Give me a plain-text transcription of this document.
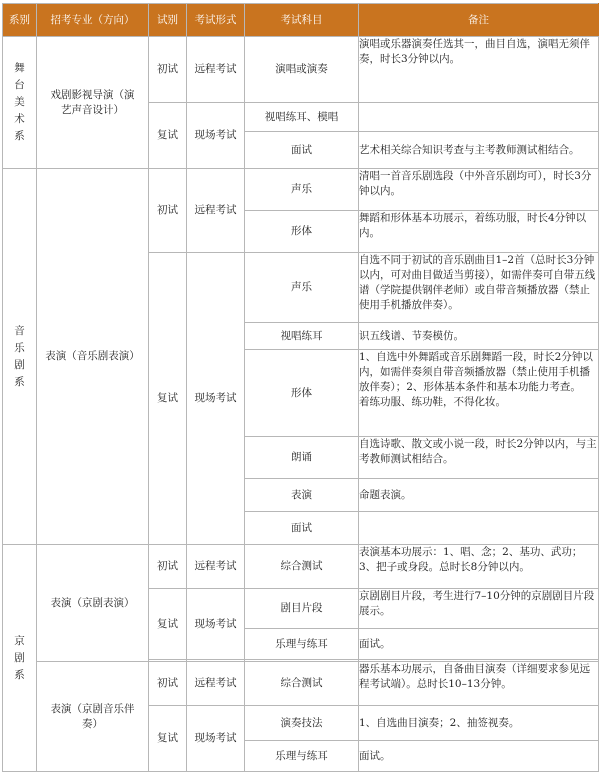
系别	招考专业（方向）	试别	考试形式	考试科目	备注

舞台美术系	戏剧影视导演（演艺声音设计）	初试	远程考试	演唱或演奏	演唱或乐器演奏任选其一，曲目自选，演唱无须伴奏，时长3分钟以内。
		复试	现场考试	视唱练耳、模唱	
				面试	艺术相关综合知识考查与主考教师测试相结合。

音乐剧系	表演（音乐剧表演）	初试	远程考试	声乐	清唱一首音乐剧选段（中外音乐剧均可），时长3分钟以内。
				形体	舞蹈和形体基本功展示，着练功服，时长4分钟以内。
		复试	现场考试	声乐	自选不同于初试的音乐剧曲目1–2首（总时长3分钟以内，可对曲目做适当剪接），如需伴奏可自带五线谱（学院提供钢伴老师）或自带音频播放器（禁止使用手机播放伴奏）。
				视唱练耳	识五线谱、节奏模仿。
				形体	1、自选中外舞蹈或音乐剧舞蹈一段，时长2分钟以内，如需伴奏须自带音频播放器（禁止使用手机播放伴奏）；2、形体基本条件和基本功能力考查。
着练功服、练功鞋，不得化妆。
				朗诵	自选诗歌、散文或小说一段，时长2分钟以内，与主考教师测试相结合。
				表演	命题表演。
				面试	

京剧系	表演（京剧表演）	初试	远程考试	综合测试	表演基本功展示：1、唱、念；2、基功、武功；3、把子或身段。总时长8分钟以内。
		复试	现场考试	剧目片段	京剧剧目片段，考生进行7–10分钟的京剧剧目片段展示。
				乐理与练耳	面试。

	表演（京剧音乐伴奏）	初试	远程考试	综合测试	器乐基本功展示，自备曲目演奏（详细要求参见远程考试端）。总时长10–13分钟。
		复试	现场考试	演奏技法	1、自选曲目演奏；2、抽签视奏。
				乐理与练耳	面试。
